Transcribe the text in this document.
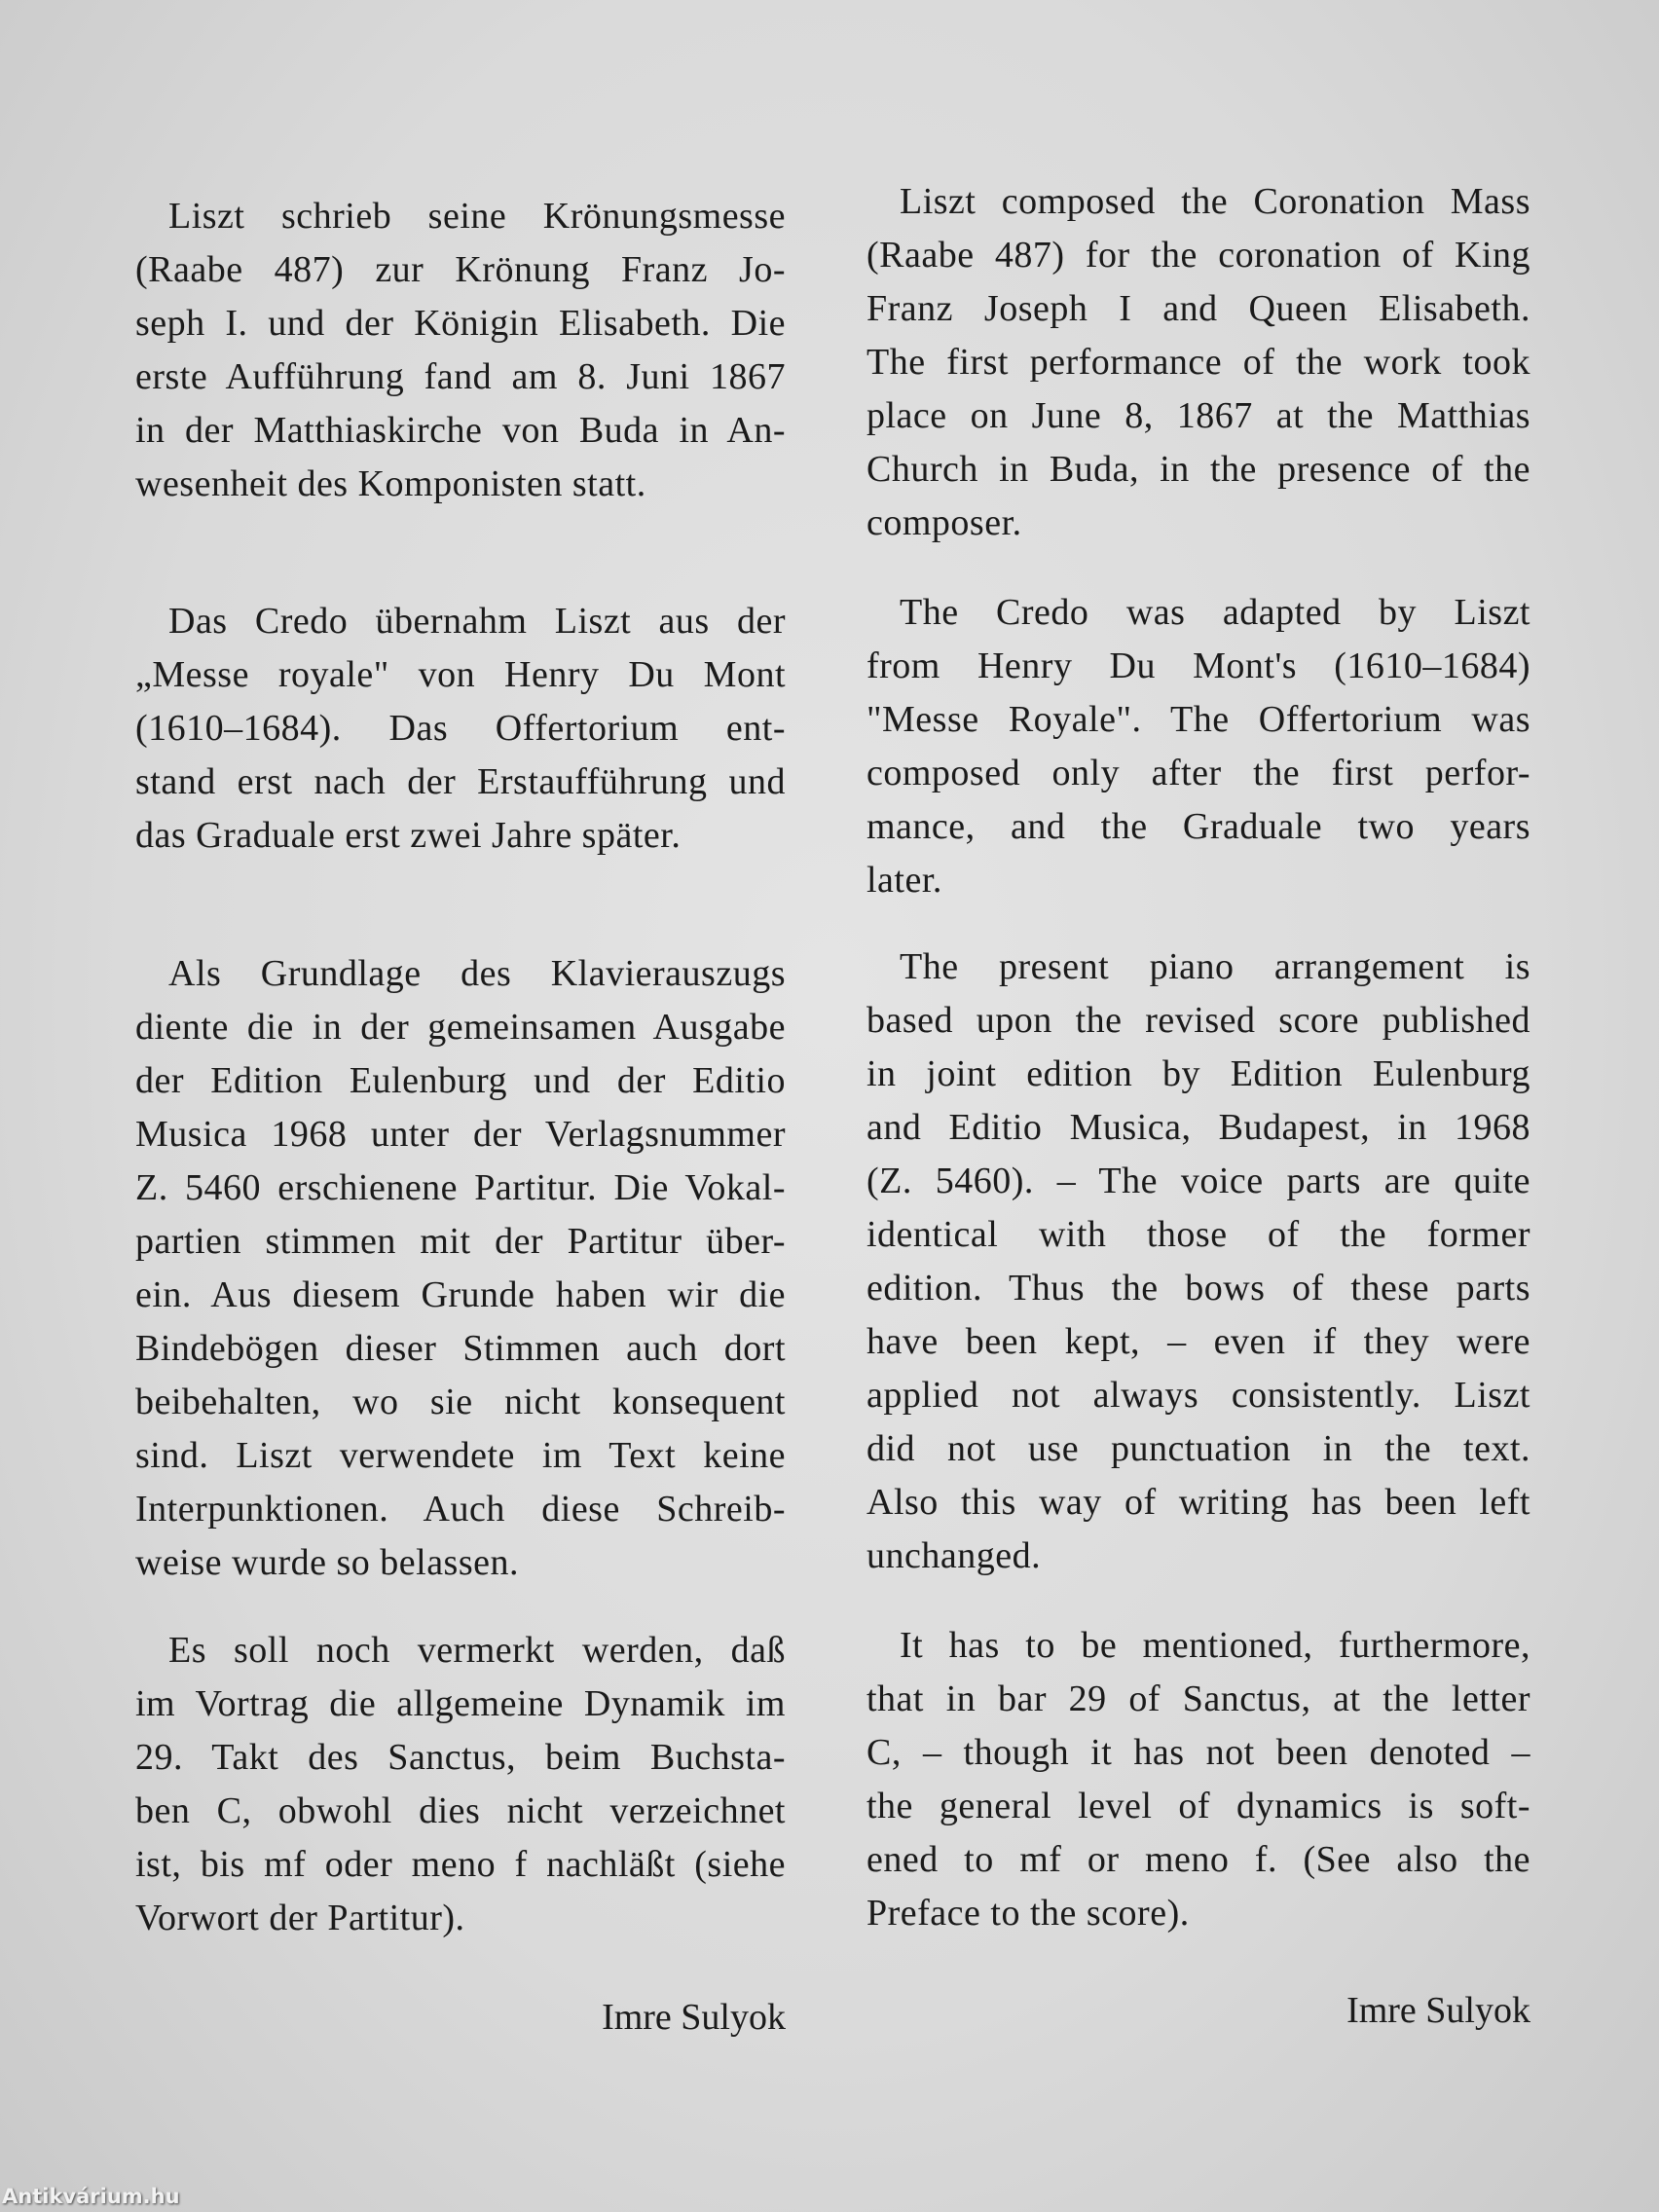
Liszt schrieb seine Krönungsmesse
(Raabe 487) zur Krönung Franz Jo-
seph I. und der Königin Elisabeth. Die
erste Aufführung fand am 8. Juni 1867
in der Matthiaskirche von Buda in An-
wesenheit des Komponisten statt.
Das Credo übernahm Liszt aus der
„Messe royale" von Henry Du Mont
(1610–1684). Das Offertorium ent-
stand erst nach der Erstaufführung und
das Graduale erst zwei Jahre später.
Als Grundlage des Klavierauszugs
diente die in der gemeinsamen Ausgabe
der Edition Eulenburg und der Editio
Musica 1968 unter der Verlagsnummer
Z. 5460 erschienene Partitur. Die Vokal-
partien stimmen mit der Partitur über-
ein. Aus diesem Grunde haben wir die
Bindebögen dieser Stimmen auch dort
beibehalten, wo sie nicht konsequent
sind. Liszt verwendete im Text keine
Interpunktionen. Auch diese Schreib-
weise wurde so belassen.
Es soll noch vermerkt werden, daß
im Vortrag die allgemeine Dynamik im
29. Takt des Sanctus, beim Buchsta-
ben C, obwohl dies nicht verzeichnet
ist, bis mf oder meno f nachläßt (siehe
Vorwort der Partitur).
Imre Sulyok
Liszt composed the Coronation Mass
(Raabe 487) for the coronation of King
Franz Joseph I and Queen Elisabeth.
The first performance of the work took
place on June 8, 1867 at the Matthias
Church in Buda, in the presence of the
composer.
The Credo was adapted by Liszt
from Henry Du Mont's (1610–1684)
"Messe Royale". The Offertorium was
composed only after the first perfor-
mance, and the Graduale two years
later.
The present piano arrangement is
based upon the revised score published
in joint edition by Edition Eulenburg
and Editio Musica, Budapest, in 1968
(Z. 5460). – The voice parts are quite
identical with those of the former
edition. Thus the bows of these parts
have been kept, – even if they were
applied not always consistently. Liszt
did not use punctuation in the text.
Also this way of writing has been left
unchanged.
It has to be mentioned, furthermore,
that in bar 29 of Sanctus, at the letter
C, – though it has not been denoted –
the general level of dynamics is soft-
ened to mf or meno f. (See also the
Preface to the score).
Imre Sulyok
Antikvárium.hu
